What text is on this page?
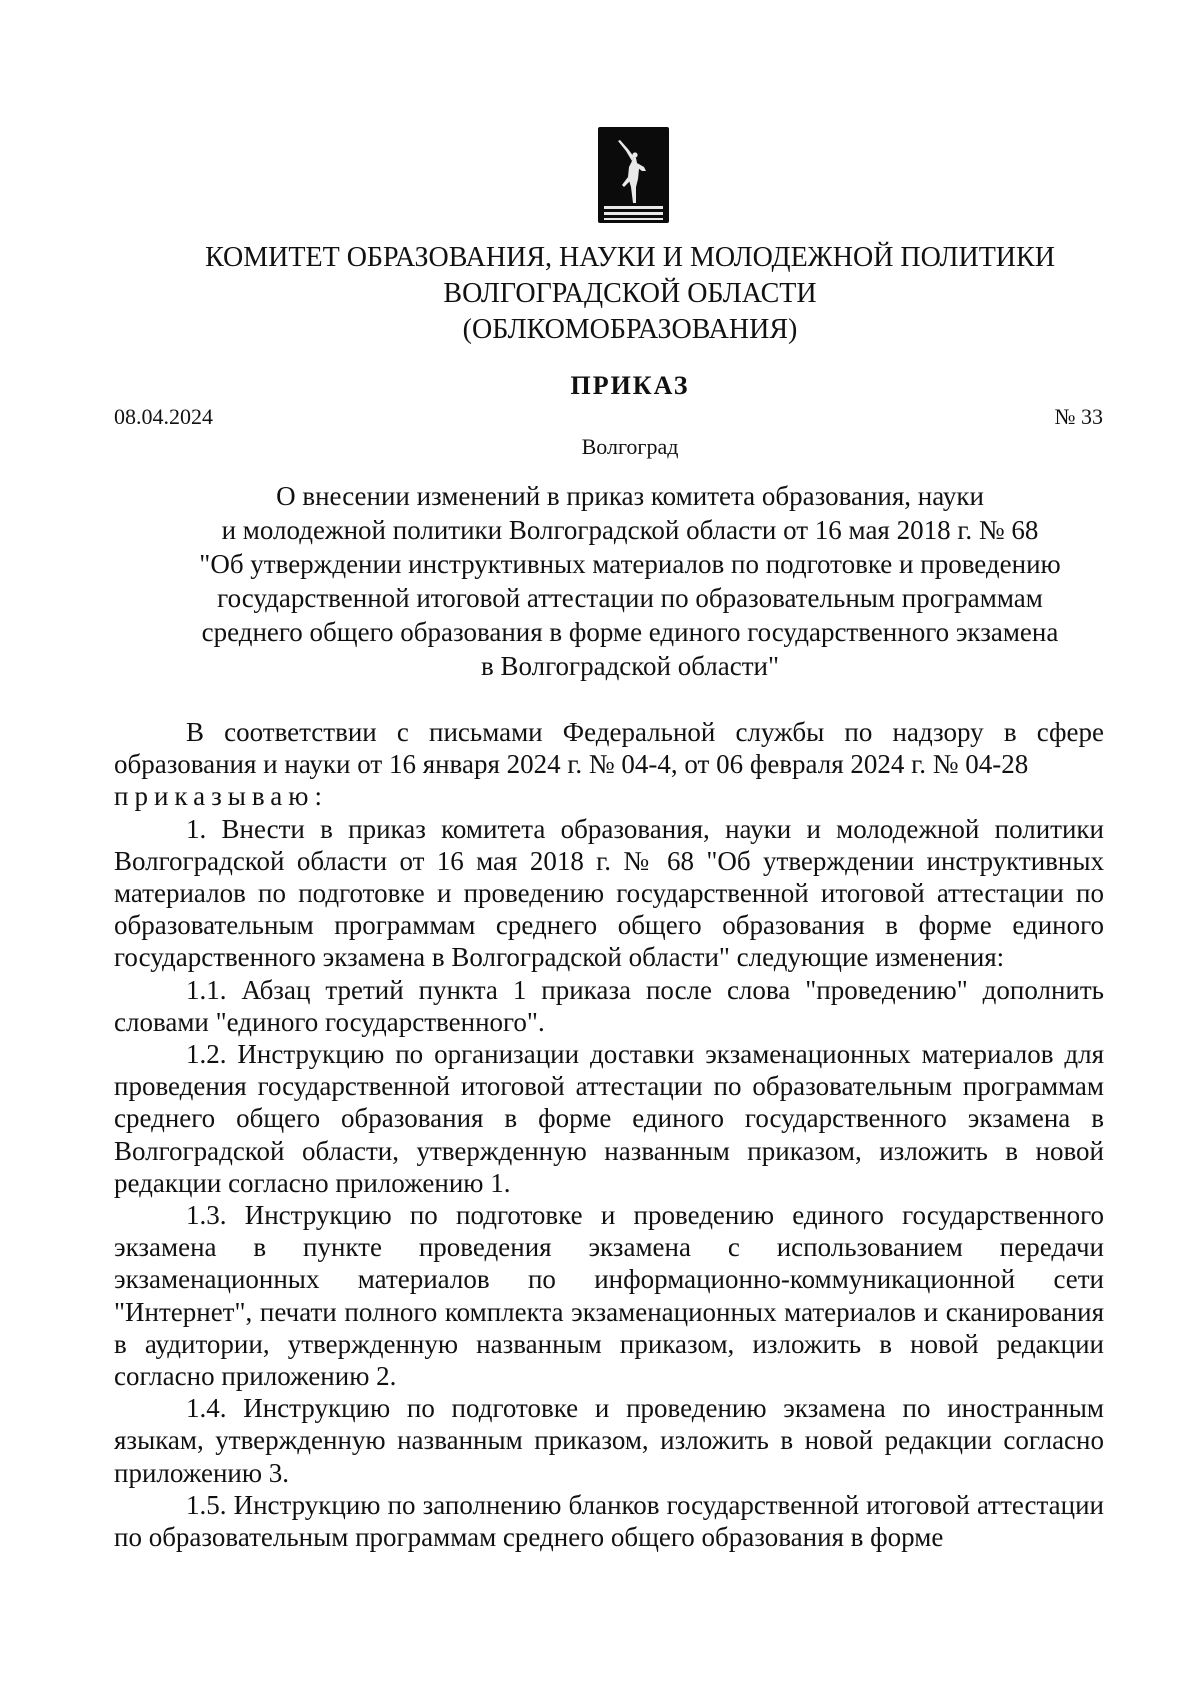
КОМИТЕТ ОБРАЗОВАНИЯ, НАУКИ И МОЛОДЕЖНОЙ ПОЛИТИКИ
ВОЛГОГРАДСКОЙ ОБЛАСТИ
(ОБЛКОМОБРАЗОВАНИЯ)
ПРИКАЗ
08.04.2024	№ 33
Волгоград
О внесении изменений в приказ комитета образования, науки
и молодежной политики Волгоградской области от 16 мая 2018 г. № 68
"Об утверждении инструктивных материалов по подготовке и проведению
государственной итоговой аттестации по образовательным программам
среднего общего образования в форме единого государственного экзамена
в Волгоградской области"

В соответствии с письмами Федеральной службы по надзору в сфере образования и науки от 16 января 2024 г. № 04-4, от 06 февраля 2024 г. № 04-28

приказываю:

1. Внести в приказ комитета образования, науки и молодежной политики Волгоградской области от 16 мая 2018 г. № 68 "Об утверждении инструктивных материалов по подготовке и проведению государственной итоговой аттестации по образовательным программам среднего общего образования в форме единого государственного экзамена в Волгоградской области" следующие изменения:

1.1. Абзац третий пункта 1 приказа после слова "проведению" дополнить словами "единого государственного".

1.2. Инструкцию по организации доставки экзаменационных материалов для проведения государственной итоговой аттестации по образовательным программам среднего общего образования в форме единого государственного экзамена в Волгоградской области, утвержденную названным приказом, изложить в новой редакции согласно приложению 1.

1.3. Инструкцию по подготовке и проведению единого государственного экзамена в пункте проведения экзамена с использованием передачи экзаменационных материалов по информационно-коммуникационной сети "Интернет", печати полного комплекта экзаменационных материалов и сканирования в аудитории, утвержденную названным приказом, изложить в новой редакции согласно приложению 2.

1.4. Инструкцию по подготовке и проведению экзамена по иностранным языкам, утвержденную названным приказом, изложить в новой редакции согласно приложению 3.

1.5. Инструкцию по заполнению бланков государственной итоговой аттестации по образовательным программам среднего общего образования в форме
